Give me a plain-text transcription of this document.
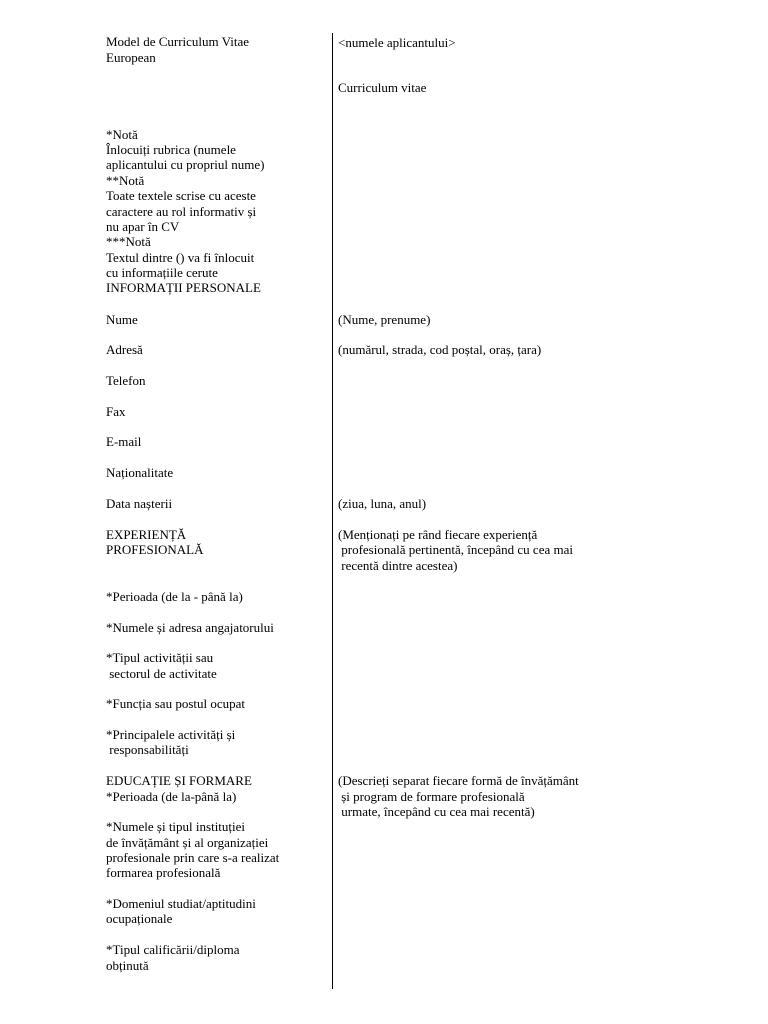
Model de Curriculum Vitae

European

*Notă

Înlocuiți rubrica (numele

aplicantului cu propriul nume)

**Notă

Toate textele scrise cu aceste

caractere au rol informativ și

nu apar în CV

***Notă

Textul dintre () va fi înlocuit

cu informațiile cerute

INFORMAȚII PERSONALE

Nume

Adresă

Telefon

Fax

E-mail

Naționalitate

Data nașterii

EXPERIENȚĂ

PROFESIONALĂ

*Perioada (de la - până la)

*Numele și adresa angajatorului

*Tipul activității sau

sectorul de activitate

*Funcția sau postul ocupat

*Principalele activități și

responsabilități

EDUCAȚIE ȘI FORMARE

*Perioada (de la-până la)

*Numele și tipul instituției

de învățământ și al organizației

profesionale prin care s-a realizat

formarea profesională

*Domeniul studiat/aptitudini

ocupaționale

*Tipul calificării/diploma

obținută

<numele aplicantului>

Curriculum vitae

(Nume, prenume)

(numărul, strada, cod poștal, oraș, țara)

(ziua, luna, anul)

(Menționați pe rând fiecare experiență

profesională pertinentă, începând cu cea mai

recentă dintre acestea)

(Descrieți separat fiecare formă de învățământ

și program de formare profesională

urmate, începând cu cea mai recentă)
